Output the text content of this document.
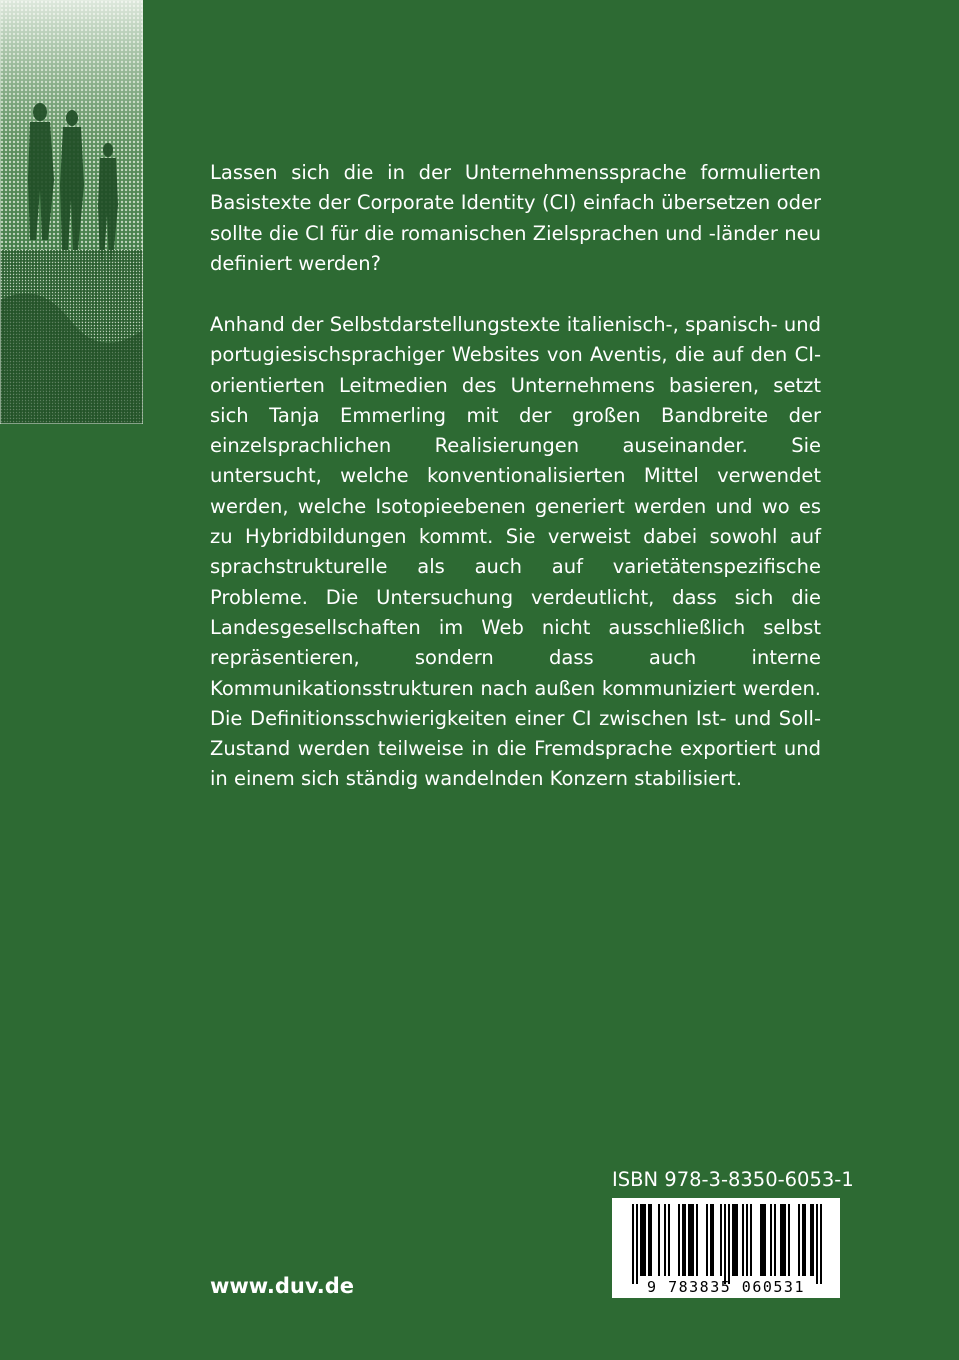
Lassen sich die in der Unternehmenssprache formulierten Basistexte der Corporate Identity (CI) einfach übersetzen oder sollte die CI für die romanischen Zielsprachen und -länder neu definiert werden?

Anhand der Selbstdarstellungstexte italienisch-, spanisch- und portugiesischsprachiger Websites von Aventis, die auf den CI-orientierten Leitmedien des Unternehmens basieren, setzt sich Tanja Emmerling mit der großen Bandbreite der einzelsprachlichen Realisierungen auseinander. Sie untersucht, welche konventionalisierten Mittel verwendet werden, welche Isotopieebenen generiert werden und wo es zu Hybridbildungen kommt. Sie verweist dabei sowohl auf sprachstrukturelle als auch auf varietätenspezifische Probleme. Die Untersuchung verdeutlicht, dass sich die Landesgesellschaften im Web nicht ausschließlich selbst repräsentieren, sondern dass auch interne Kommunikationsstrukturen nach außen kommuniziert werden. Die Definitionsschwierigkeiten einer CI zwischen Ist- und Soll-Zustand werden teilweise in die Fremdsprache exportiert und in einem sich ständig wandelnden Konzern stabilisiert.

ISBN 978-3-8350-6053-1
9 783835 060531
www.duv.de
